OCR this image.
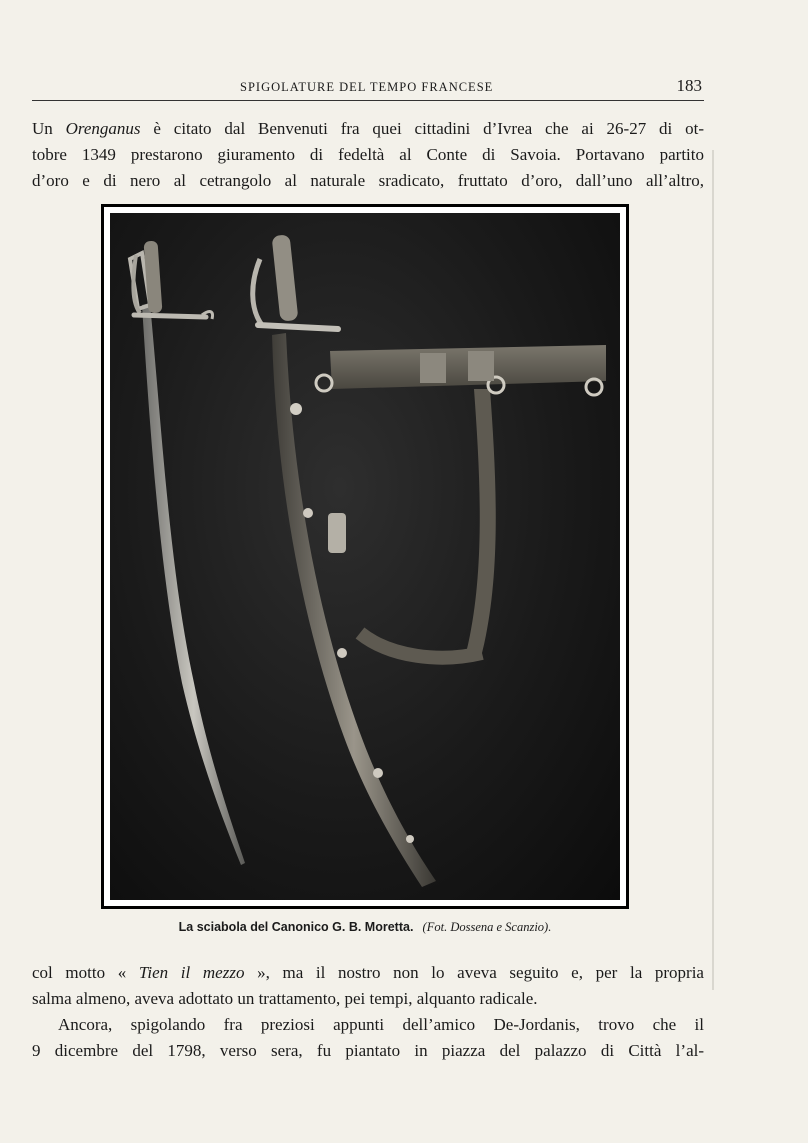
SPIGOLATURE DEL TEMPO FRANCESE	183
Un Orenganus è citato dal Benvenuti fra quei cittadini d’Ivrea che ai 26-27 di ot-
tobre 1349 prestarono giuramento di fedeltà al Conte di Savoia. Portavano partito
d’oro e di nero al cetrangolo al naturale sradicato, fruttato d’oro, dall’uno all’altro,
La sciabola del Canonico G. B. Moretta. (Fot. Dossena e Scanzio).
col motto « Tien il mezzo », ma il nostro non lo aveva seguito e, per la propria
salma almeno, aveva adottato un trattamento, pei tempi, alquanto radicale.
Ancora, spigolando fra preziosi appunti dell’amico De-Jordanis, trovo che il
9 dicembre del 1798, verso sera, fu piantato in piazza del palazzo di Città l’al-
